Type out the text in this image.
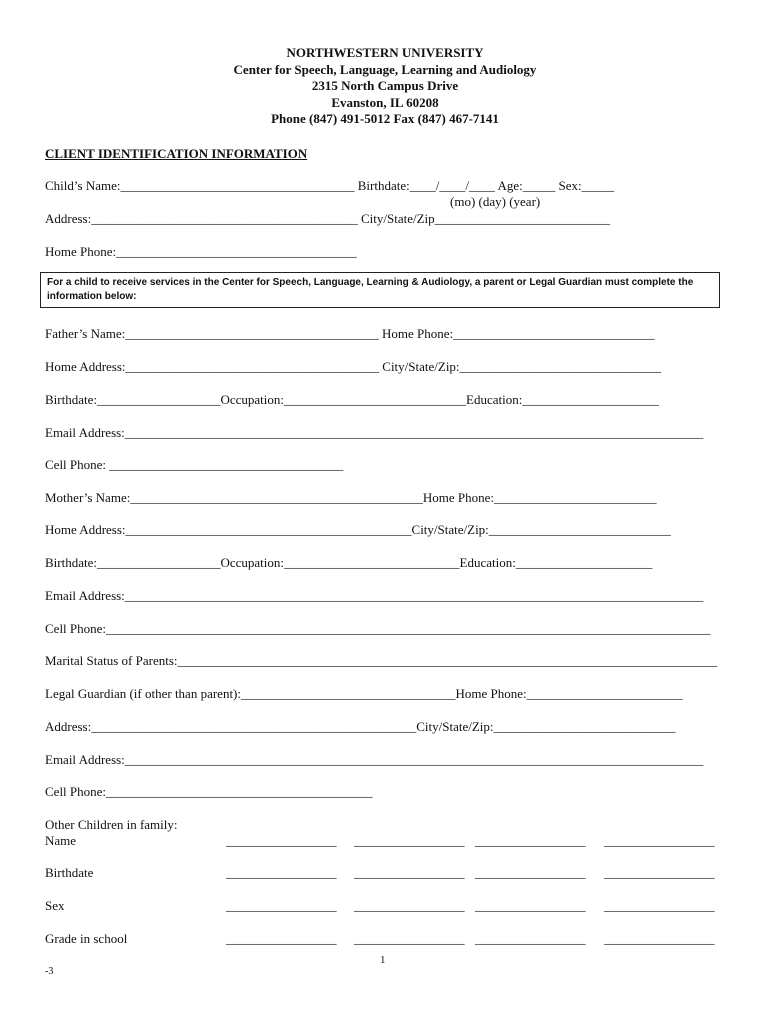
NORTHWESTERN UNIVERSITY
Center for Speech, Language, Learning and Audiology
2315 North Campus Drive
Evanston, IL 60208
Phone (847) 491-5012 Fax (847) 467-7141
CLIENT IDENTIFICATION INFORMATION
Child’s Name:____________________________________ Birthdate:____/____/____ Age:_____ Sex:_____
(mo) (day) (year)
Address:_________________________________________ City/State/Zip___________________________
Home Phone:_____________________________________
For a child to receive services in the Center for Speech, Language, Learning & Audiology, a parent or Legal Guardian must complete the information below:
Father’s Name:_______________________________________ Home Phone:_______________________________
Home Address:_______________________________________ City/State/Zip:_______________________________
Birthdate:___________________Occupation:____________________________Education:_____________________
Email Address:_________________________________________________________________________________________
Cell Phone: ____________________________________
Mother’s Name:_____________________________________________Home Phone:_________________________
Home Address:____________________________________________City/State/Zip:____________________________
Birthdate:___________________Occupation:___________________________Education:_____________________
Email Address:_________________________________________________________________________________________
Cell Phone:_____________________________________________________________________________________________
Marital Status of Parents:___________________________________________________________________________________
Legal Guardian (if other than parent):_________________________________Home Phone:________________________
Address:__________________________________________________City/State/Zip:____________________________
Email Address:_________________________________________________________________________________________
Cell Phone:_________________________________________
Other Children in family:
Name	_________________ _________________ _________________ _________________
Birthdate	_________________ _________________ _________________ _________________
Sex	_________________ _________________ _________________ _________________
Grade in school	_________________ _________________ _________________ _________________
1
-3
